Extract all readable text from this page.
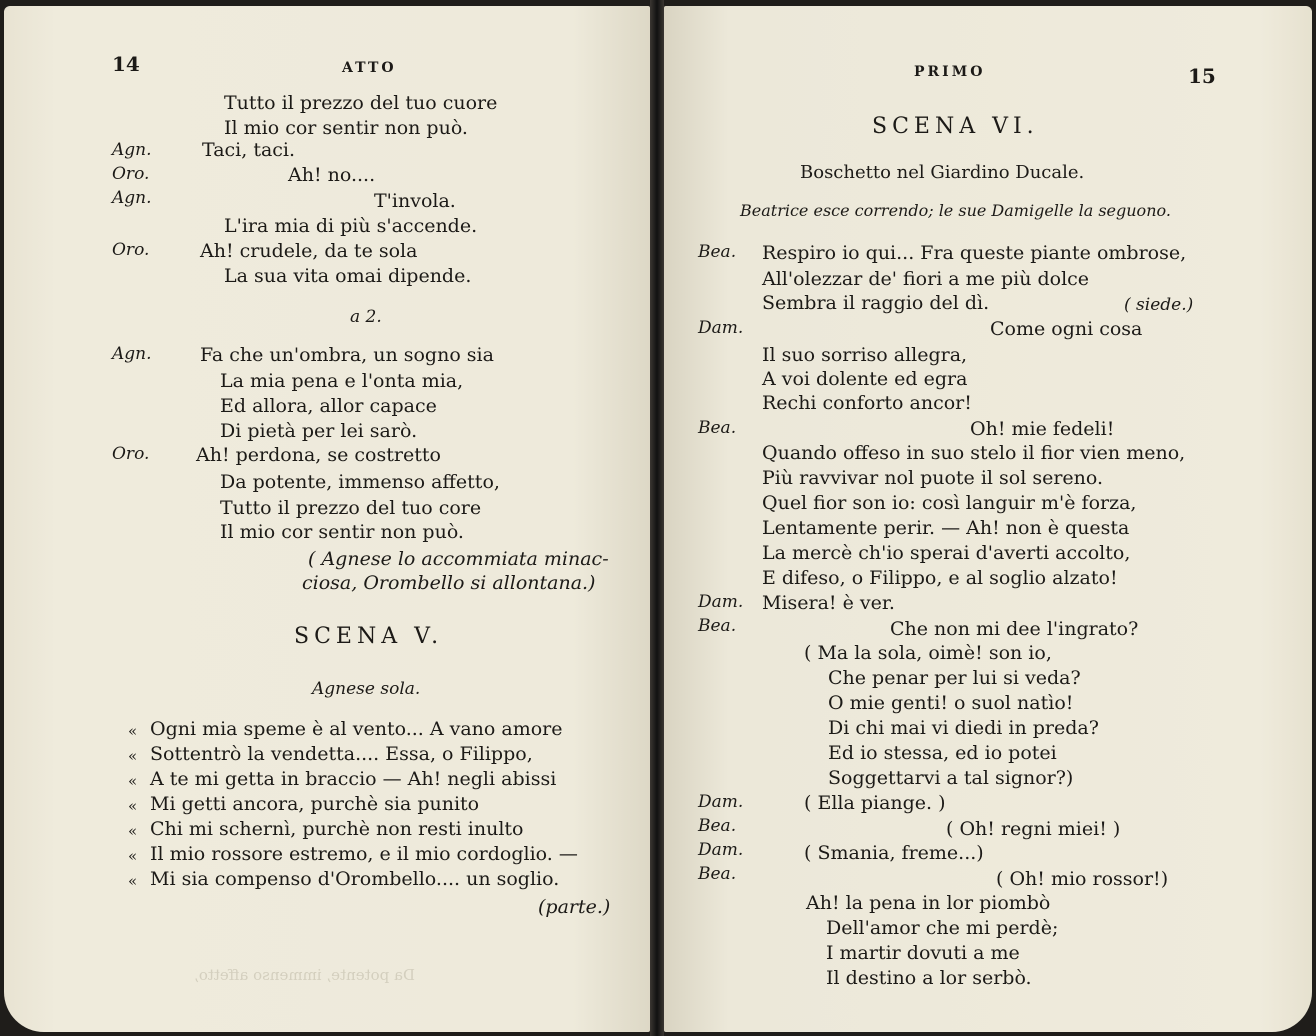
14	ATTO
Tutto il prezzo del tuo cuore
Il mio cor sentir non può.
Agn.	Taci, taci.
Oro.	Ah! no....
Agn.	T'invola.
L'ira mia di più s'accende.
Oro.	Ah! crudele, da te sola
La sua vita omai dipende.
a 2.
Agn.	Fa che un'ombra, un sogno sia
La mia pena e l'onta mia,
Ed allora, allor capace
Di pietà per lei sarò.
Oro. Ah! perdona, se costretto
Da potente, immenso affetto,
Tutto il prezzo del tuo core
Il mio cor sentir non può.
( Agnese lo accommiata minac-
ciosa, Orombello si allontana.)
SCENA V.
Agnese sola.
« Ogni mia speme è al vento... A vano amore
« Sottentrò la vendetta.... Essa, o Filippo,
« A te mi getta in braccio — Ah! negli abissi
« Mi getti ancora, purchè sia punito
« Chi mi schernì, purchè non resti inulto
« Il mio rossore estremo, e il mio cordoglio. —
« Mi sia compenso d'Orombello.... un soglio.
(parte.)
Da potente, immenso affetto,
PRIMO	15
SCENA VI.
Boschetto nel Giardino Ducale.
Beatrice esce correndo; le sue Damigelle la seguono.
Bea. Respiro io qui... Fra queste piante ombrose,
All'olezzar de' fiori a me più dolce
Sembra il raggio del dì.	( siede.)
Dam.	Come ogni cosa
Il suo sorriso allegra,
A voi dolente ed egra
Rechi conforto ancor!
Bea.	Oh! mie fedeli!
Quando offeso in suo stelo il fior vien meno,
Più ravvivar nol puote il sol sereno.
Quel fior son io: così languir m'è forza,
Lentamente perir. — Ah! non è questa
La mercè ch'io sperai d'averti accolto,
E difeso, o Filippo, e al soglio alzato!
Dam. Misera! è ver.
Bea.	Che non mi dee l'ingrato?
( Ma la sola, oimè! son io,
Che penar per lui si veda?
O mie genti! o suol natìo!
Di chi mai vi diedi in preda?
Ed io stessa, ed io potei
Soggettarvi a tal signor?)
Dam.	( Ella piange. )
Bea.	( Oh! regni miei! )
Dam.	( Smania, freme...)
Bea.	( Oh! mio rossor!)
Ah! la pena in lor piombò
Dell'amor che mi perdè;
I martir dovuti a me
Il destino a lor serbò.
